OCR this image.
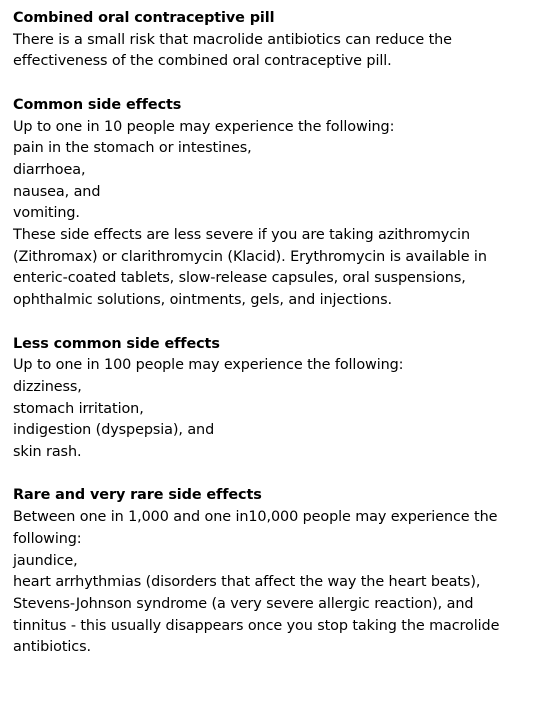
Combined oral contraceptive pill
There is a small risk that macrolide antibiotics can reduce the effectiveness of the combined oral contraceptive pill.
Common side effects
Up to one in 10 people may experience the following:
pain in the stomach or intestines,
diarrhoea,
nausea, and
vomiting.
These side effects are less severe if you are taking azithromycin (Zithromax) or clarithromycin (Klacid). Erythromycin is available in enteric-coated tablets, slow-release capsules, oral suspensions, ophthalmic solutions, ointments, gels, and injections.
Less common side effects
Up to one in 100 people may experience the following:
dizziness,
stomach irritation,
indigestion (dyspepsia), and
skin rash.
Rare and very rare side effects
Between one in 1,000 and one in10,000 people may experience the following:
jaundice,
heart arrhythmias (disorders that affect the way the heart beats),
Stevens-Johnson syndrome (a very severe allergic reaction), and
tinnitus - this usually disappears once you stop taking the macrolide antibiotics.
